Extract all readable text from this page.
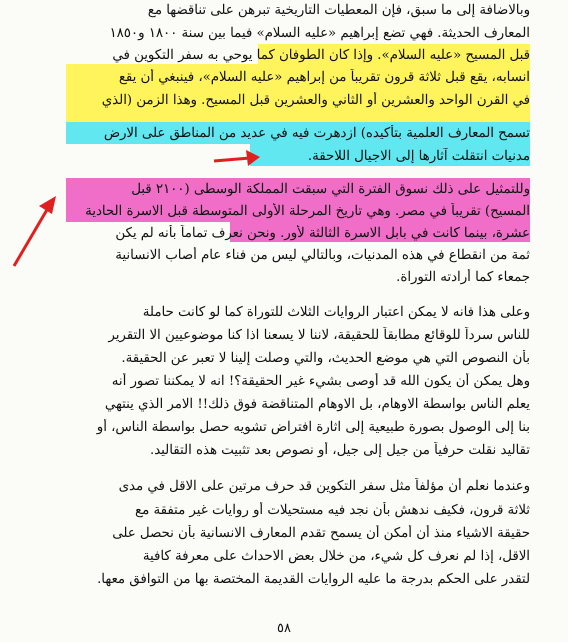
وبالاضافة إلى ما سبق، فإن المعطيات التاريخية تبرهن على تناقضها مع
المعارف الحديثة. فهي تضع إبراهيم «عليه السلام» فيما بين سنة ١٨٠٠ و١٨٥٠
قبل المسيح «عليه السلام». وإذا كان الطوفان كما يوحي به سفر التكوين في
انسابه، يقع قبل ثلاثة قرون تقريباً من إبراهيم «عليه السلام»، فينبغي أن يقع
في القرن الواحد والعشرين أو الثاني والعشرين قبل المسيح. وهذا الزمن (الذي
تسمح المعارف العلمية بتأكيده) ازدهرت فيه في عديد من المناطق على الارض
مدنيات انتقلت آثارها إلى الاجيال اللاحقة.
وللتمثيل على ذلك نسوق الفترة التي سبقت المملكة الوسطى (٢١٠٠ قبل
المسيح) تقريباً في مصر. وهي تاريخ المرحلة الأولى المتوسطة قبل الاسرة الحادية
عشرة، بينما كانت في بابل الاسرة الثالثة لأور. ونحن نعرف تماماً بأنه لم يكن
ثمة من انقطاع في هذه المدنيات، وبالتالي ليس من فناء عام أصاب الانسانية
جمعاء كما أرادته التوراة.
وعلى هذا فانه لا يمكن اعتبار الروايات الثلاث للتوراة كما لو كانت حاملة
للناس سرداً للوقائع مطابقاً للحقيقة، لاننا لا يسعنا اذا كنا موضوعيين الا التقرير
بأن النصوص التي هي موضع الحديث، والتي وصلت إلينا لا تعبر عن الحقيقة.
وهل يمكن أن يكون الله قد أوصى بشيء غير الحقيقة؟! انه لا يمكننا تصور أنه
يعلم الناس بواسطة الاوهام، بل الاوهام المتناقضة فوق ذلك!! الامر الذي ينتهي
بنا إلى الوصول بصورة طبيعية إلى اثارة افتراض تشويه حصل بواسطة الناس، أو
تقاليد نقلت حرفياً من جيل إلى جيل، أو نصوص بعد تثبيت هذه التقاليد.
وعندما نعلم أن مؤلفاً مثل سفر التكوين قد حرف مرتين على الاقل في مدى
ثلاثة قرون، فكيف ندهش بأن نجد فيه مستحيلات أو روايات غير متفقة مع
حقيقة الاشياء منذ أن أمكن أن يسمح تقدم المعارف الانسانية بأن نحصل على
الاقل، إذا لم نعرف كل شيء، من خلال بعض الاحداث على معرفة كافية
لتقدر على الحكم بدرجة ما عليه الروايات القديمة المختصة بها من التوافق معها.
٥٨
